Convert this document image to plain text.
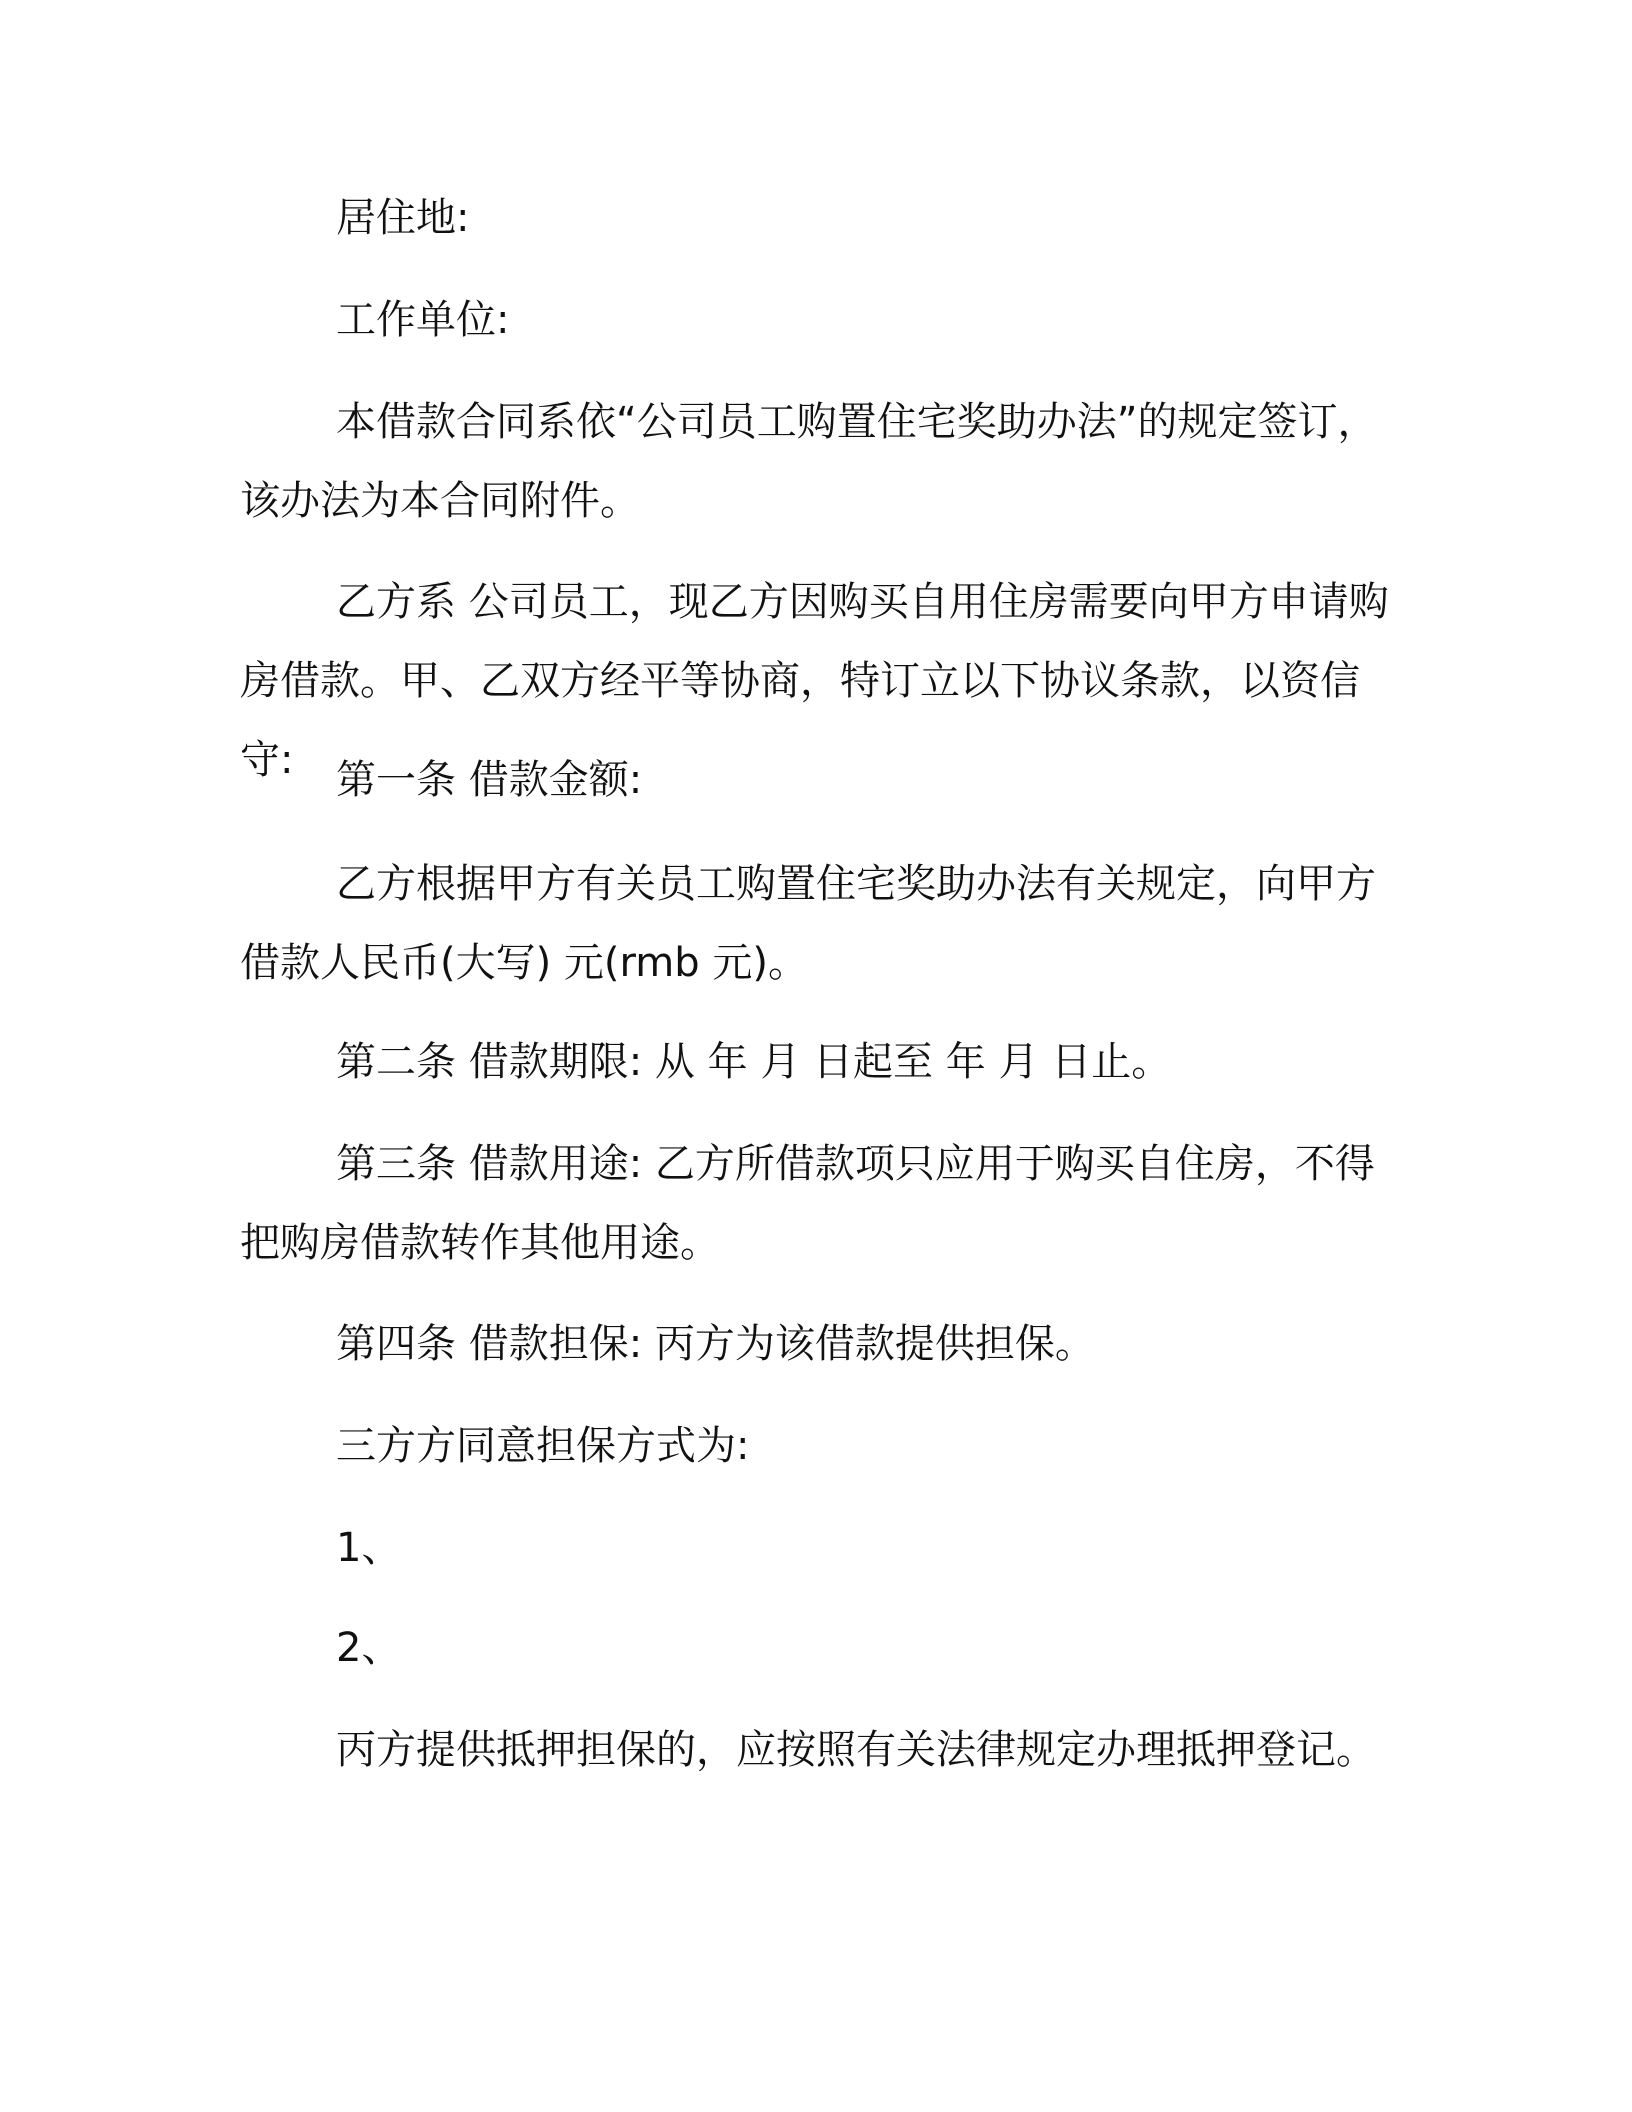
居住地:

工作单位:

本借款合同系依“公司员工购置住宅奖助办法”的规定签订，该办法为本合同附件。

乙方系 公司员工，现乙方因购买自用住房需要向甲方申请购房借款。甲、乙双方经平等协商，特订立以下协议条款，以资信守:	第一条 借款金额:

乙方根据甲方有关员工购置住宅奖助办法有关规定，向甲方借款人民币(大写) 元(rmb 元)。

第二条 借款期限: 从 年 月 日起至 年 月 日止。

第三条 借款用途: 乙方所借款项只应用于购买自住房，不得把购房借款转作其他用途。

第四条 借款担保: 丙方为该借款提供担保。

三方方同意担保方式为:

1、

2、

丙方提供抵押担保的，应按照有关法律规定办理抵押登记。
